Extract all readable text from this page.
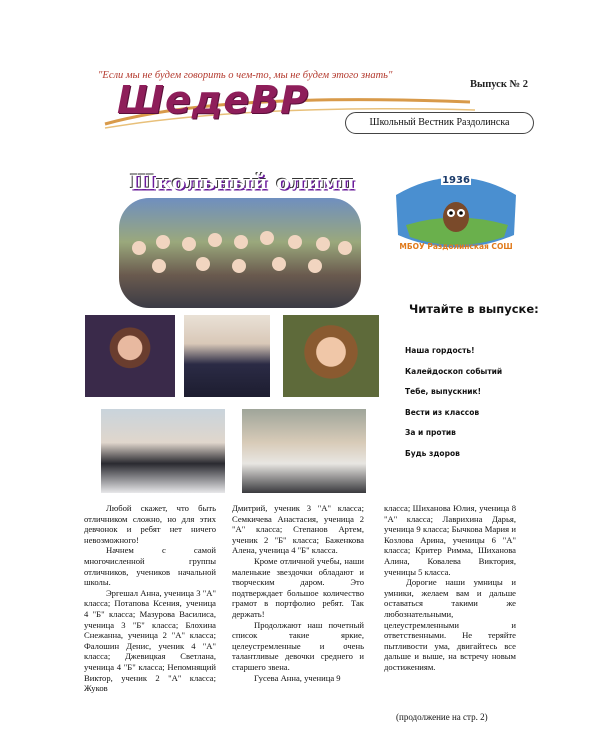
"Если мы не будем говорить о чем-то, мы не будем этого знать"
Выпуск № 2
ШедеВР
Школьный Вестник Раздолинска
Школьный олимп	1936
МБОУ Раздолинская СОШ
Читайте в выпуске:
Наша гордость!
Калейдоскоп событий
Тебе, выпускник!
Вести из классов
За и против
Будь здоров

Любой скажет, что быть отличником сложно, но для этих девчонок и ребят нет ничего невозможного!

Начнем с самой многочисленной группы отличников, учеников начальной школы.

Эргешал Анна, ученица 3 "А" класса; Потапова Ксения, ученица 4 "Б" класса; Мазурова Василиса, ученица 3 "Б" класса; Блохина Снежанна, ученица 2 "А" класса; Фалошин Денис, ученик 4 "А" класса; Джевицкая Светлана, ученица 4 "Б" класса; Непомнящий Виктор, ученик 2 "А" класса; Жуков

Дмитрий, ученик 3 "А" класса; Семкичева Анастасия, ученица 2 "А" класса; Степанов Артем, ученик 2 "Б" класса; Баженкова Алена, ученица 4 "Б" класса.

Кроме отличной учебы, наши маленькие звездочки обладают и творческим даром. Это подтверждает большое количество грамот в портфолио ребят. Так держать!

Продолжают наш почетный список такие яркие, целеустремленные и очень талантливые девочки среднего и старшего звена.

Гусева Анна, ученица 9

класса; Шиханова Юлия, ученица 8 "А" класса; Лаврихина Дарья, ученица 9 класса; Бычкова Мария и Козлова Арина, ученицы 6 "А" класса; Критер Римма, Шиханова Алина, Ковалева Виктория, ученицы 5 класса.

Дорогие наши умницы и умники, желаем вам и дальше оставаться такими же любознательными, целеустремленными и ответственными. Не теряйте пытливости ума, двигайтесь все дальше и выше, на встречу новым достижениям.

(продолжение на стр. 2)
